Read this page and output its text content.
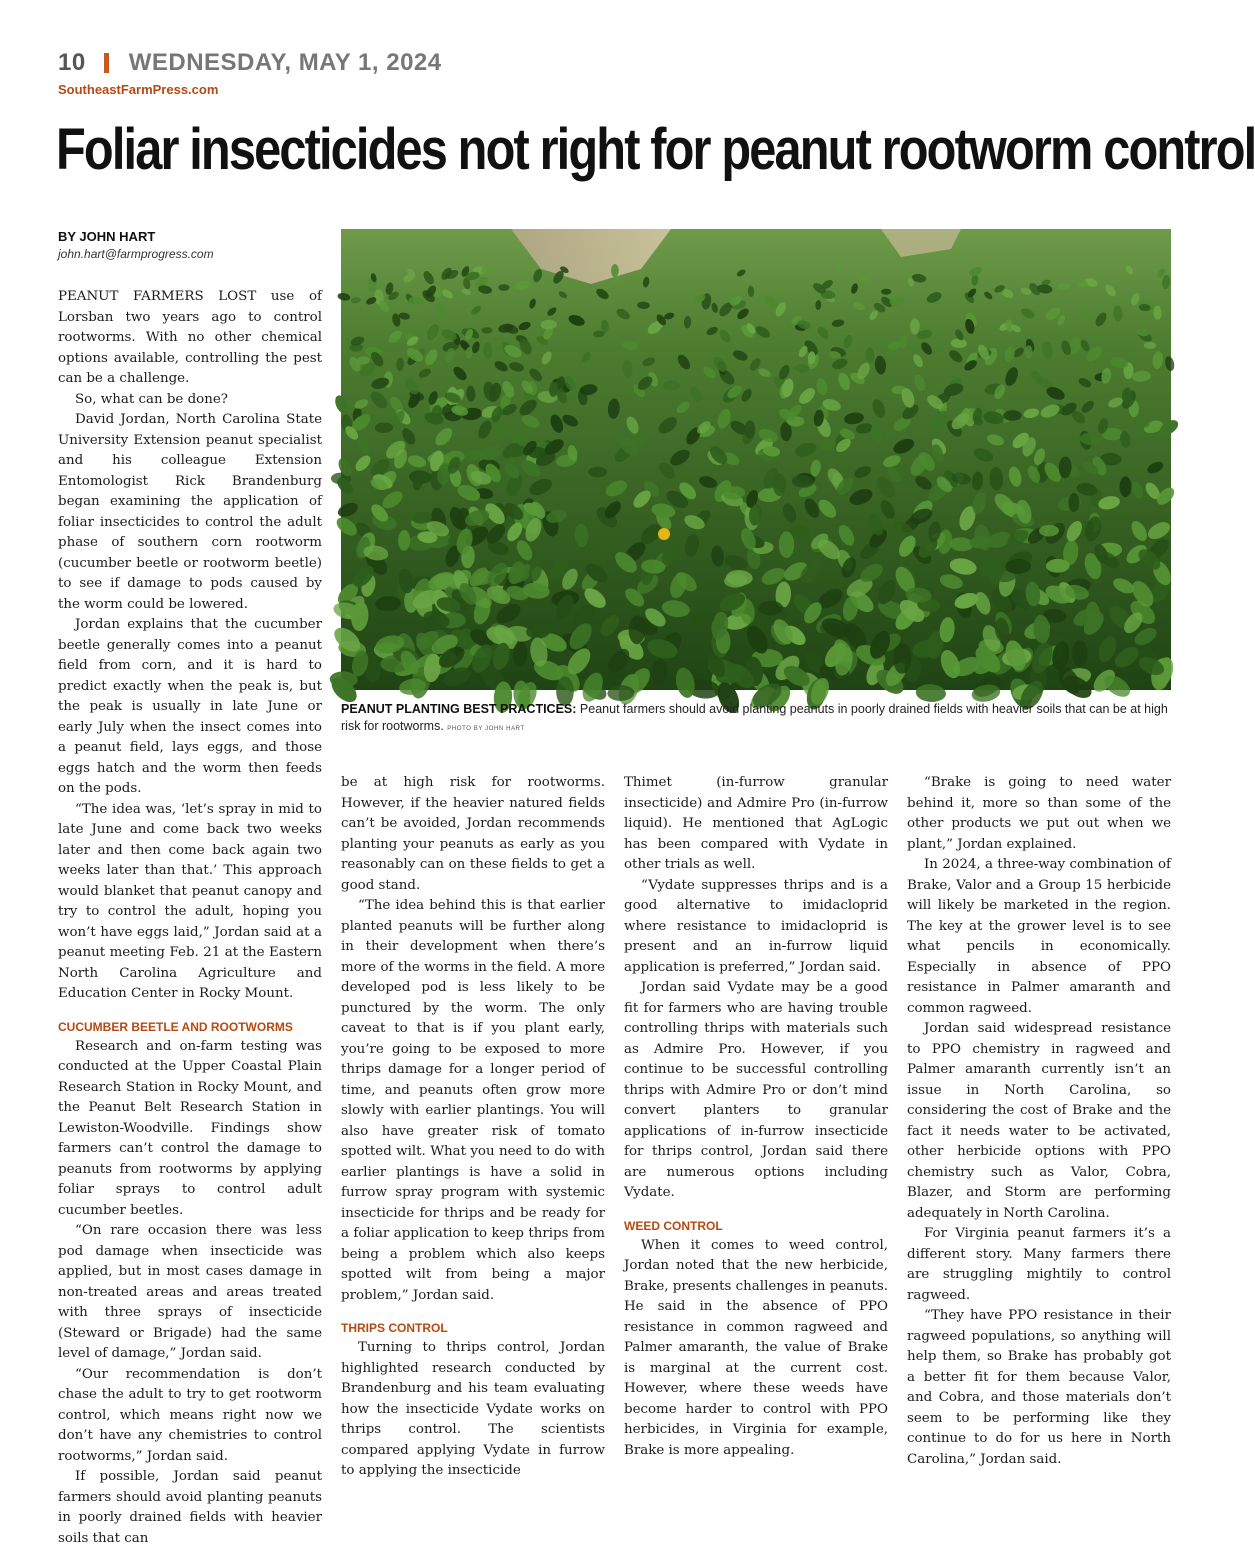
10 WEDNESDAY, MAY 1, 2024
SoutheastFarmPress.com
Foliar insecticides not right for peanut rootworm control
BY JOHN HART
john.hart@farmprogress.com
PEANUT PLANTING BEST PRACTICES: Peanut farmers should avoid planting peanuts in poorly drained fields with heavier soils that can be at high risk for rootworms. PHOTO BY JOHN HART

PEANUT FARMERS LOST use of Lorsban two years ago to control rootworms. With no other chemical options available, controlling the pest can be a challenge.

So, what can be done?

David Jordan, North Carolina State University Extension peanut specialist and his colleague Extension Entomologist Rick Brandenburg began examining the application of foliar insecticides to control the adult phase of southern corn rootworm (cucumber beetle or rootworm beetle) to see if damage to pods caused by the worm could be lowered.

Jordan explains that the cucumber beetle generally comes into a peanut field from corn, and it is hard to predict exactly when the peak is, but the peak is usually in late June or early July when the insect comes into a peanut field, lays eggs, and those eggs hatch and the worm then feeds on the pods.

“The idea was, ‘let’s spray in mid to late June and come back two weeks later and then come back again two weeks later than that.’ This approach would blanket that peanut canopy and try to control the adult, hoping you won’t have eggs laid,” Jordan said at a peanut meeting Feb. 21 at the Eastern North Carolina Agriculture and Education Center in Rocky Mount.

CUCUMBER BEETLE AND ROOTWORMS

Research and on-farm testing was conducted at the Upper Coastal Plain Research Station in Rocky Mount, and the Peanut Belt Research Station in Lewiston-Woodville. Findings show farmers can’t control the damage to peanuts from rootworms by applying foliar sprays to control adult cucumber beetles.

“On rare occasion there was less pod damage when insecticide was applied, but in most cases damage in non-treated areas and areas treated with three sprays of insecticide (Steward or Brigade) had the same level of damage,” Jordan said.

“Our recommendation is don’t chase the adult to try to get rootworm control, which means right now we don’t have any chemistries to control rootworms,” Jordan said.

If possible, Jordan said peanut farmers should avoid planting peanuts in poorly drained fields with heavier soils that can

be at high risk for rootworms. However, if the heavier natured fields can’t be avoided, Jordan recommends planting your peanuts as early as you reasonably can on these fields to get a good stand.

“The idea behind this is that earlier planted peanuts will be further along in their development when there’s more of the worms in the field. A more developed pod is less likely to be punctured by the worm. The only caveat to that is if you plant early, you’re going to be exposed to more thrips damage for a longer period of time, and peanuts often grow more slowly with earlier plantings. You will also have greater risk of tomato spotted wilt. What you need to do with earlier plantings is have a solid in furrow spray program with systemic insecticide for thrips and be ready for a foliar application to keep thrips from being a problem which also keeps spotted wilt from being a major problem,” Jordan said.

THRIPS CONTROL

Turning to thrips control, Jordan highlighted research conducted by Brandenburg and his team evaluating how the insecticide Vydate works on thrips control. The scientists compared applying Vydate in furrow to applying the insecticide

Thimet (in-furrow granular insecticide) and Admire Pro (in-furrow liquid). He mentioned that AgLogic has been compared with Vydate in other trials as well.

“Vydate suppresses thrips and is a good alternative to imidacloprid where resistance to imidacloprid is present and an in-furrow liquid application is preferred,” Jordan said.

Jordan said Vydate may be a good fit for farmers who are having trouble controlling thrips with materials such as Admire Pro. However, if you continue to be successful controlling thrips with Admire Pro or don’t mind convert planters to granular applications of in-furrow insecticide for thrips control, Jordan said there are numerous options including Vydate.

WEED CONTROL

When it comes to weed control, Jordan noted that the new herbicide, Brake, presents challenges in peanuts. He said in the absence of PPO resistance in common ragweed and Palmer amaranth, the value of Brake is marginal at the current cost. However, where these weeds have become harder to control with PPO herbicides, in Virginia for example, Brake is more appealing.

“Brake is going to need water behind it, more so than some of the other products we put out when we plant,” Jordan explained.

In 2024, a three-way combination of Brake, Valor and a Group 15 herbicide will likely be marketed in the region. The key at the grower level is to see what pencils in economically. Especially in absence of PPO resistance in Palmer amaranth and common ragweed.

Jordan said widespread resistance to PPO chemistry in ragweed and Palmer amaranth currently isn’t an issue in North Carolina, so considering the cost of Brake and the fact it needs water to be activated, other herbicide options with PPO chemistry such as Valor, Cobra, Blazer, and Storm are performing adequately in North Carolina.

For Virginia peanut farmers it’s a different story. Many farmers there are struggling mightily to control ragweed.

“They have PPO resistance in their ragweed populations, so anything will help them, so Brake has probably got a better fit for them because Valor, and Cobra, and those materials don’t seem to be performing like they continue to do for us here in North Carolina,” Jordan said.
